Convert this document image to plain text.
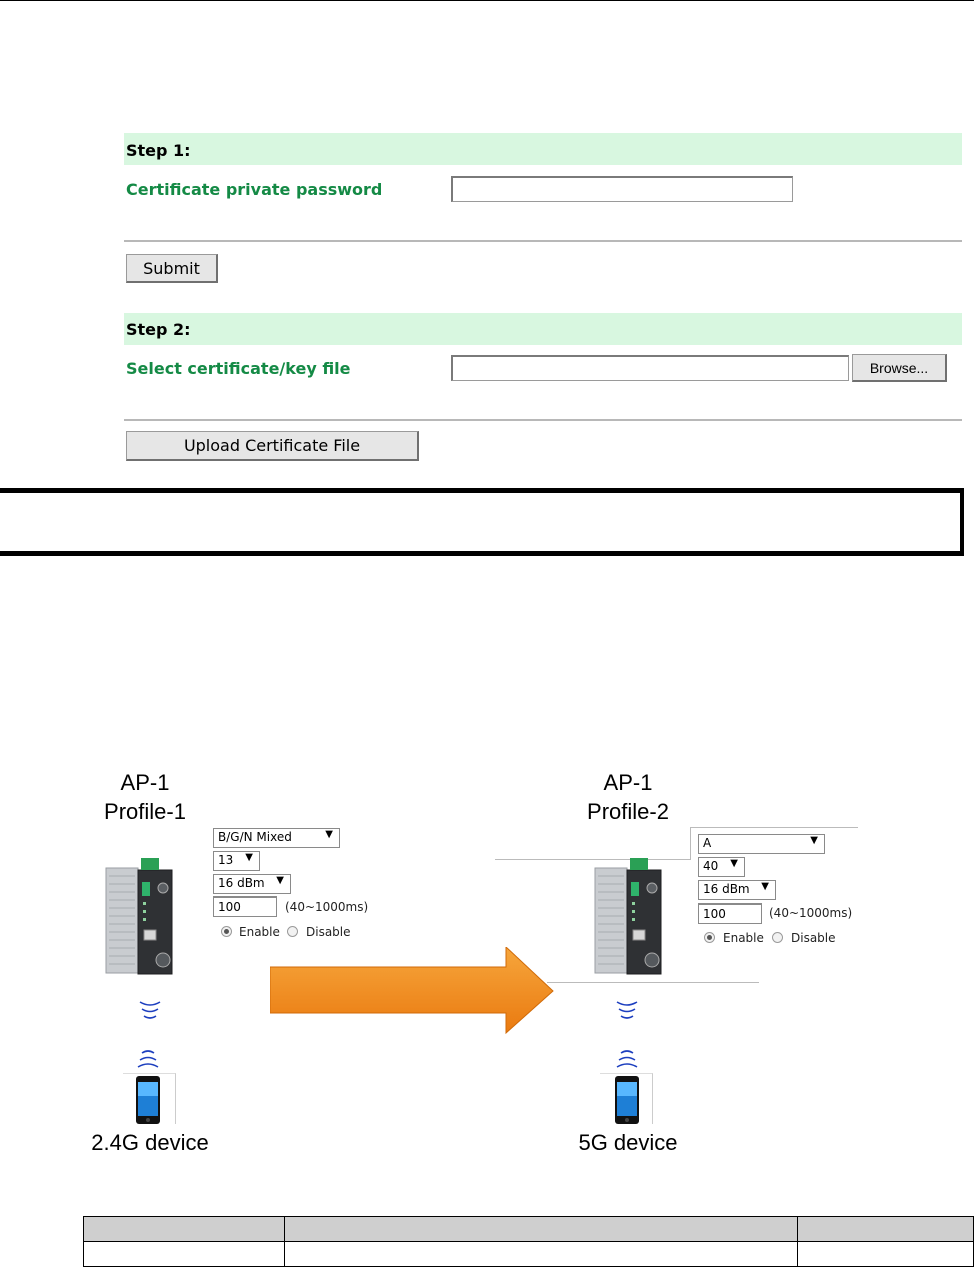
Step 1:
Certificate private password
Submit
Step 2:
Select certificate/key file	Browse...
Upload Certificate File
AP-1
Profile-1
B/G/N Mixed	▼
13 ▼
16 dBm ▼
100
(40~1000ms)
Enable Disable
2.4G device
AP-1
Profile-2
A	▼
40 ▼
16 dBm ▼
100
(40~1000ms)
Enable Disable
5G device
